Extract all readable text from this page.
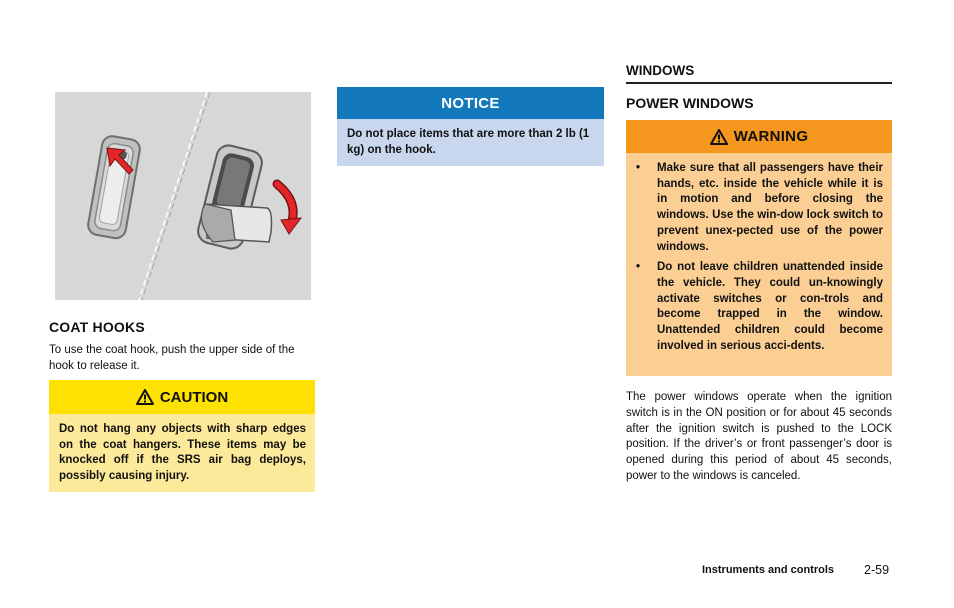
COAT HOOKS
To use the coat hook, push the upper side of the hook to release it.
CAUTION
Do not hang any objects with sharp edges on the coat hangers. These items may be knocked off if the SRS air bag deploys, possibly causing injury.
NOTICE
Do not place items that are more than 2 lb (1 kg) on the hook.
WINDOWS
POWER WINDOWS
WARNING
• Make sure that all passengers have their hands, etc. inside the vehicle while it is in motion and before closing the windows. Use the win-dow lock switch to prevent unex-pected use of the power windows.
• Do not leave children unattended inside the vehicle. They could un-knowingly activate switches or con-trols and become trapped in the window. Unattended children could become involved in serious acci-dents.
The power windows operate when the ignition switch is in the ON position or for about 45 seconds after the ignition switch is pushed to the LOCK position. If the driver’s or front passenger’s door is opened during this period of about 45 seconds, power to the windows is canceled.
Instruments and controls 2-59
